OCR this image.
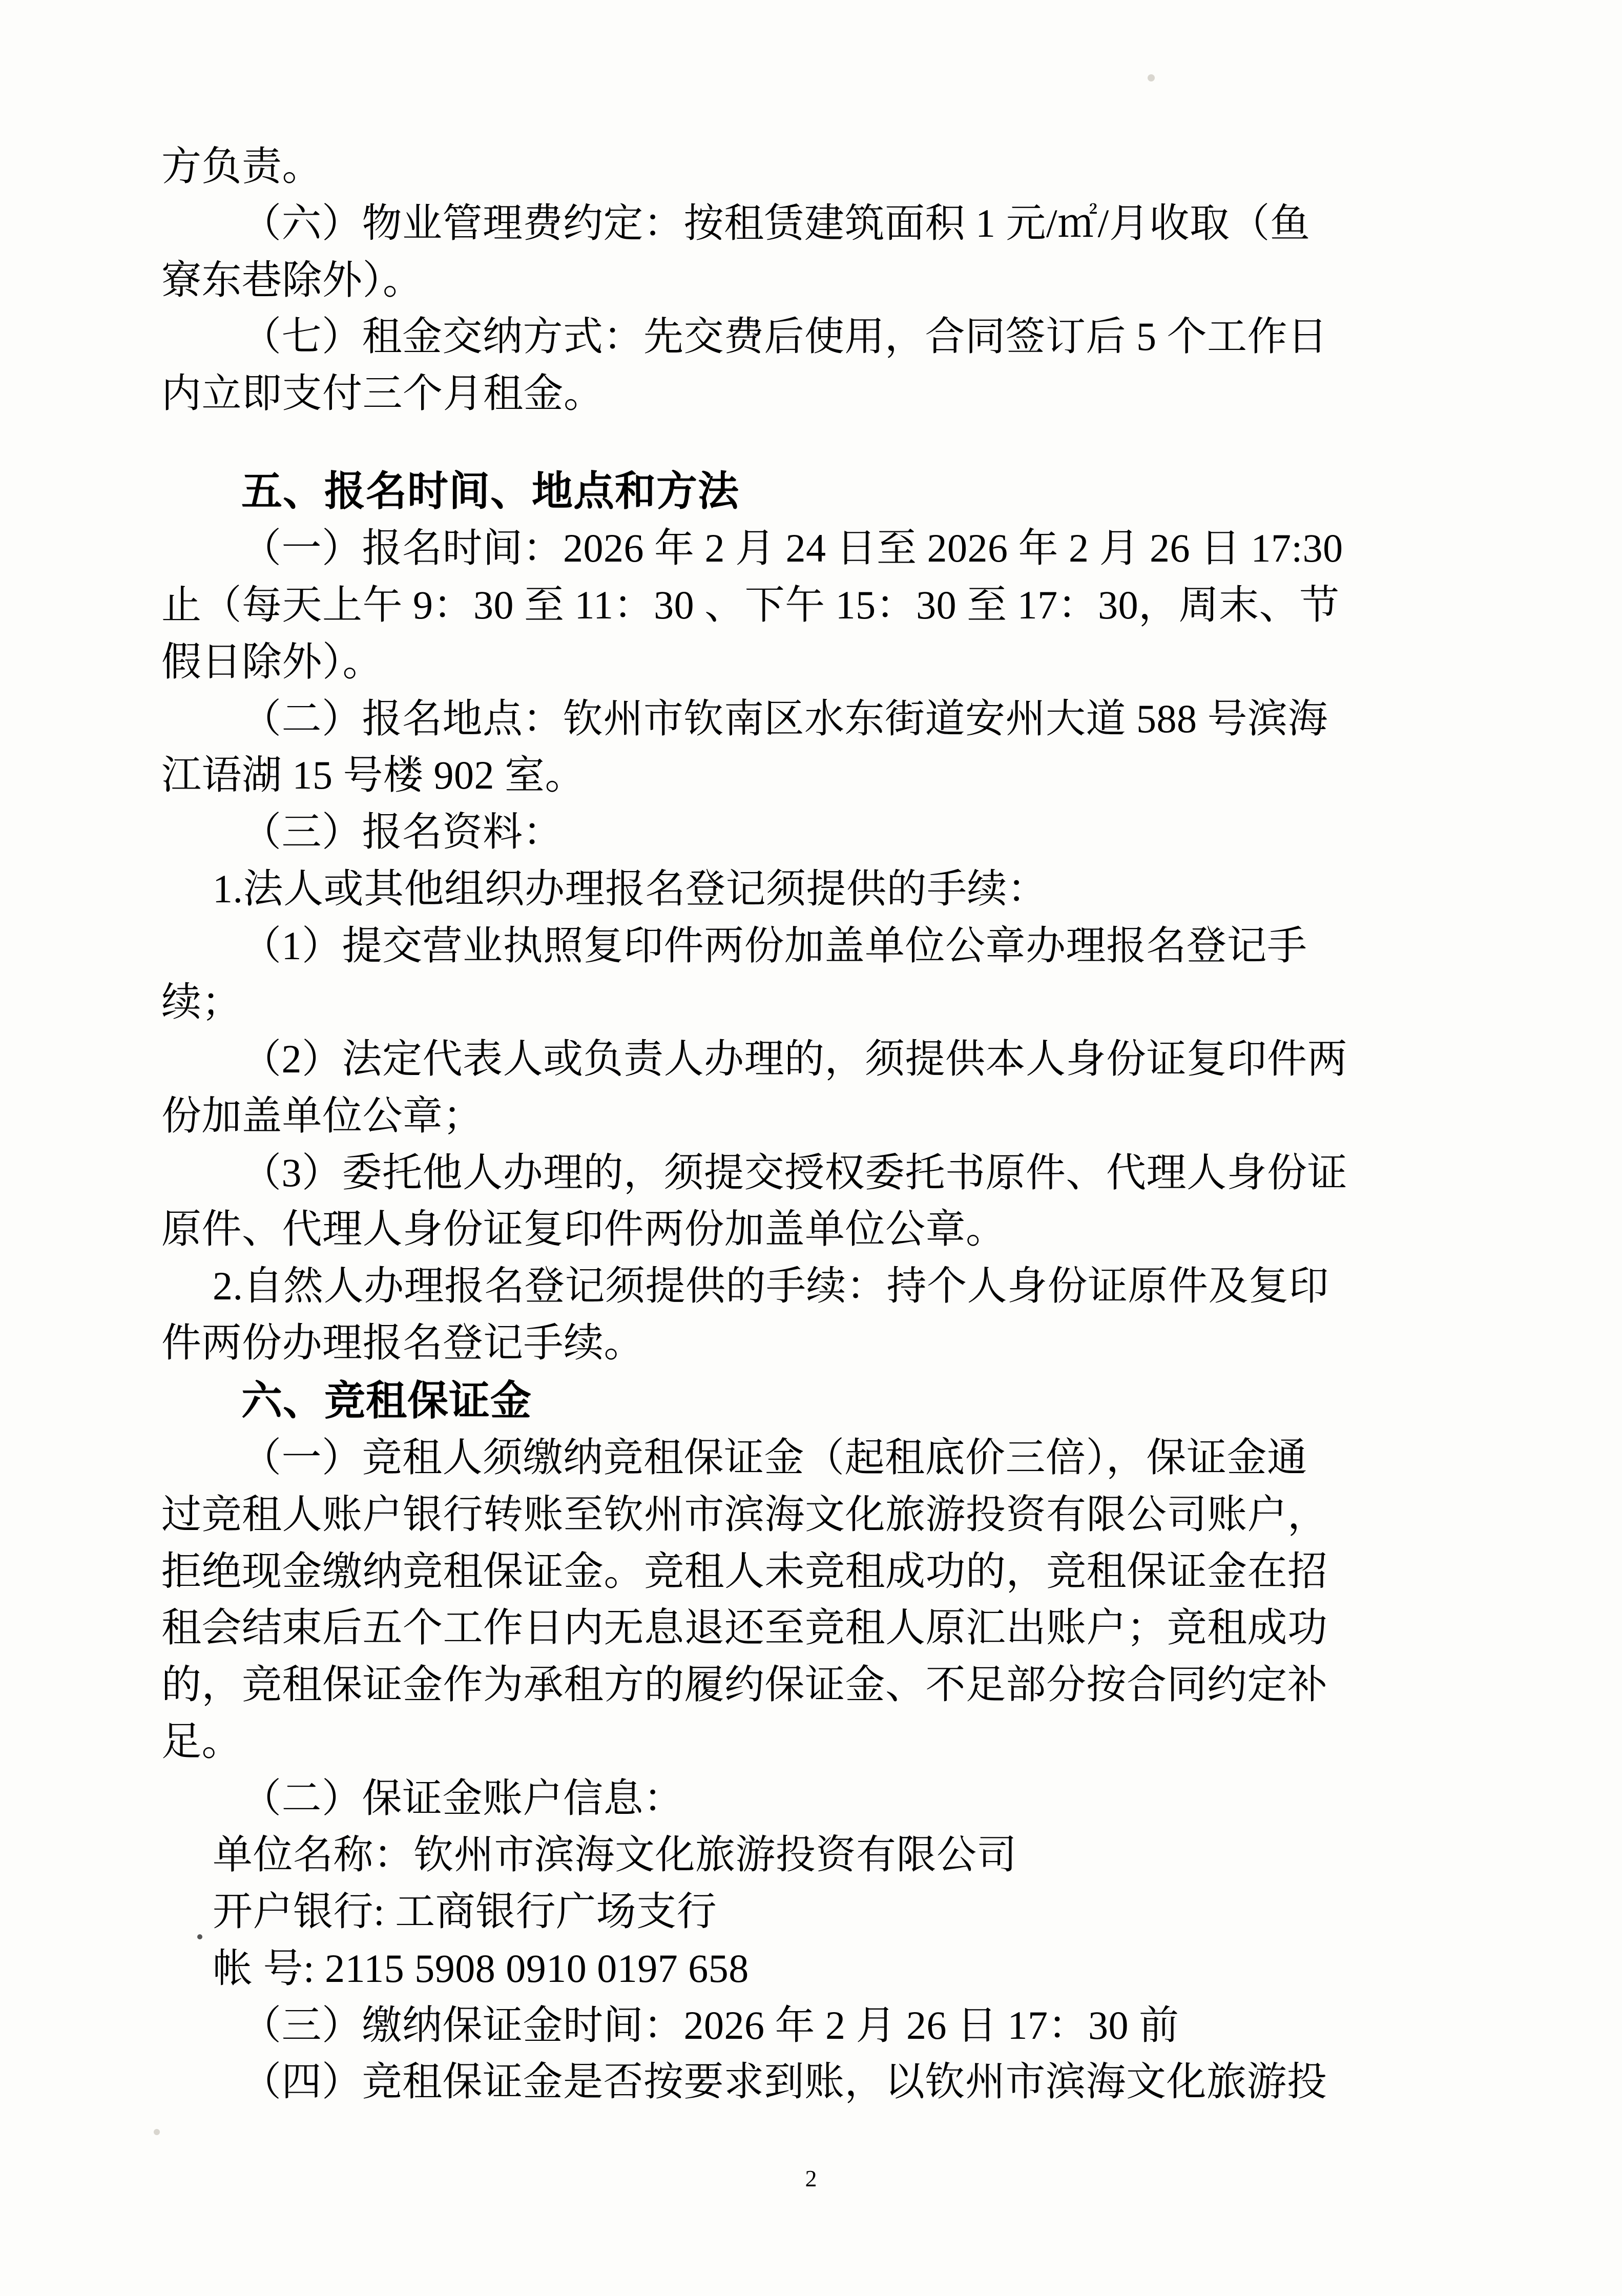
方负责。

（六）物业管理费约定：按租赁建筑面积 1 元/㎡/月收取（鱼

寮东巷除外）。

（七）租金交纳方式：先交费后使用，合同签订后 5 个工作日

内立即支付三个月租金。

五、报名时间、地点和方法

（一）报名时间：2026 年 2 月 24 日至 2026 年 2 月 26 日 17:30

止（每天上午 9：30 至 11：30 、下午 15：30 至 17：30，周末、节

假日除外）。

（二）报名地点：钦州市钦南区水东街道安州大道 588 号滨海

江语湖 15 号楼 902 室。

（三）报名资料：

1.法人或其他组织办理报名登记须提供的手续：

（1）提交营业执照复印件两份加盖单位公章办理报名登记手

续；

（2）法定代表人或负责人办理的，须提供本人身份证复印件两

份加盖单位公章；

（3）委托他人办理的，须提交授权委托书原件、代理人身份证

原件、代理人身份证复印件两份加盖单位公章。

2.自然人办理报名登记须提供的手续：持个人身份证原件及复印

件两份办理报名登记手续。

六、竞租保证金

（一）竞租人须缴纳竞租保证金（起租底价三倍），保证金通

过竞租人账户银行转账至钦州市滨海文化旅游投资有限公司账户，

拒绝现金缴纳竞租保证金。竞租人未竞租成功的，竞租保证金在招

租会结束后五个工作日内无息退还至竞租人原汇出账户；竞租成功

的，竞租保证金作为承租方的履约保证金、不足部分按合同约定补

足。

（二）保证金账户信息：

单位名称：钦州市滨海文化旅游投资有限公司

开户银行: 工商银行广场支行

帐 号: 2115 5908 0910 0197 658

（三）缴纳保证金时间：2026 年 2 月 26 日 17：30 前

（四）竞租保证金是否按要求到账，以钦州市滨海文化旅游投

2
